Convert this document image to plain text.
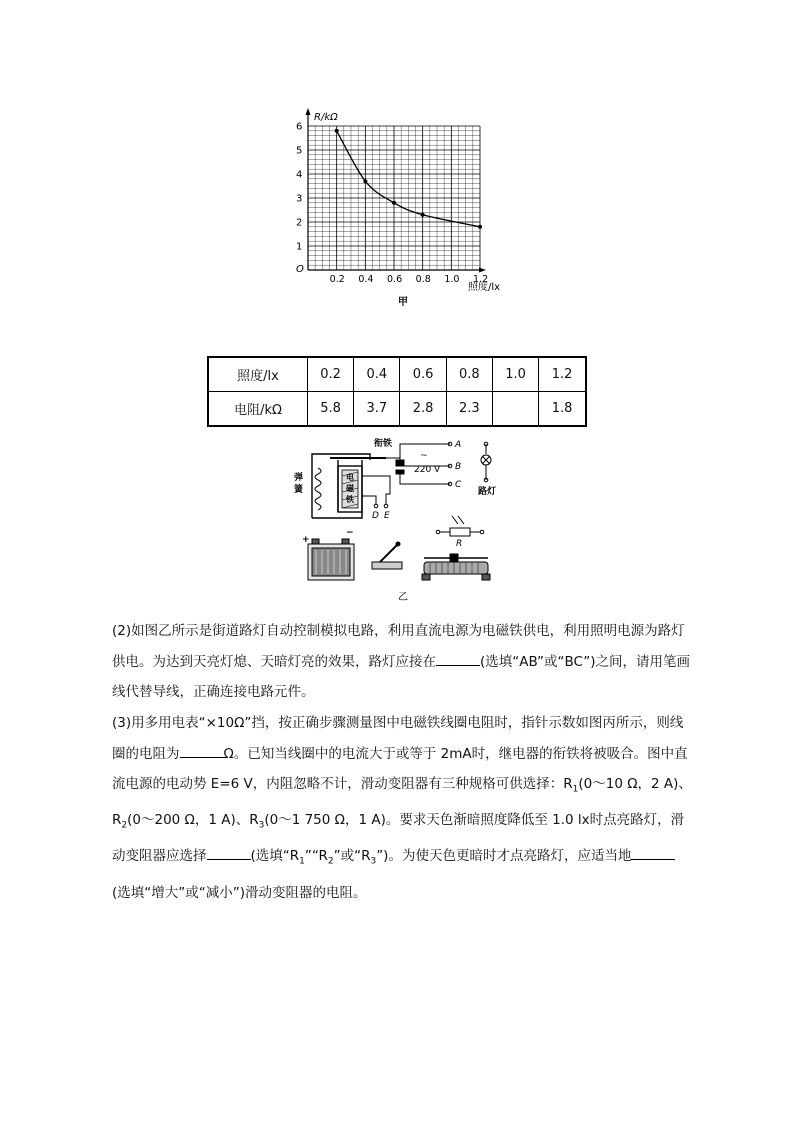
R/kΩ
照度/lx
O
甲
1
2
3
4
5
6
0.2 0.4 0.6 0.8 1.0 1.2
照度/lx	0.2	0.4	0.6	0.8	1.0	1.2
电阻/kΩ	5.8	3.7	2.8	2.3		1.8
弹
簧
电
磁
铁
衔铁	A
B
C
D E
~
220 V
路灯
R
+
−
乙

(2)如图乙所示是街道路灯自动控制模拟电路，利用直流电源为电磁铁供电，利用照明电源为路灯供电。为达到天亮灯熄、天暗灯亮的效果，路灯应接在	(选填“AB”或“BC”)之间，请用笔画线代替导线，正确连接电路元件。

(3)用多用电表“×10Ω”挡，按正确步骤测量图中电磁铁线圈电阻时，指针示数如图丙所示，则线圈的电阻为	Ω。已知当线圈中的电流大于或等于 2mA时，继电器的衔铁将被吸合。图中直流电源的电动势 E=6 V，内阻忽略不计，滑动变阻器有三种规格可供选择：$R_1(0\sim 10$ Ω，2 A)、$R_2(0\sim 200$ Ω，1 A)、$R_3(0\sim 1$ 750 Ω，1 A)。要求天色渐暗照度降低至 1.0 lx时点亮路灯，滑动变阻器应选择	(选填“$R_1”“R_2$”或“$R_3$”)。为使天色更暗时才点亮路灯，应适当地(选填“增大”或“减小”)滑动变阻器的电阻。
